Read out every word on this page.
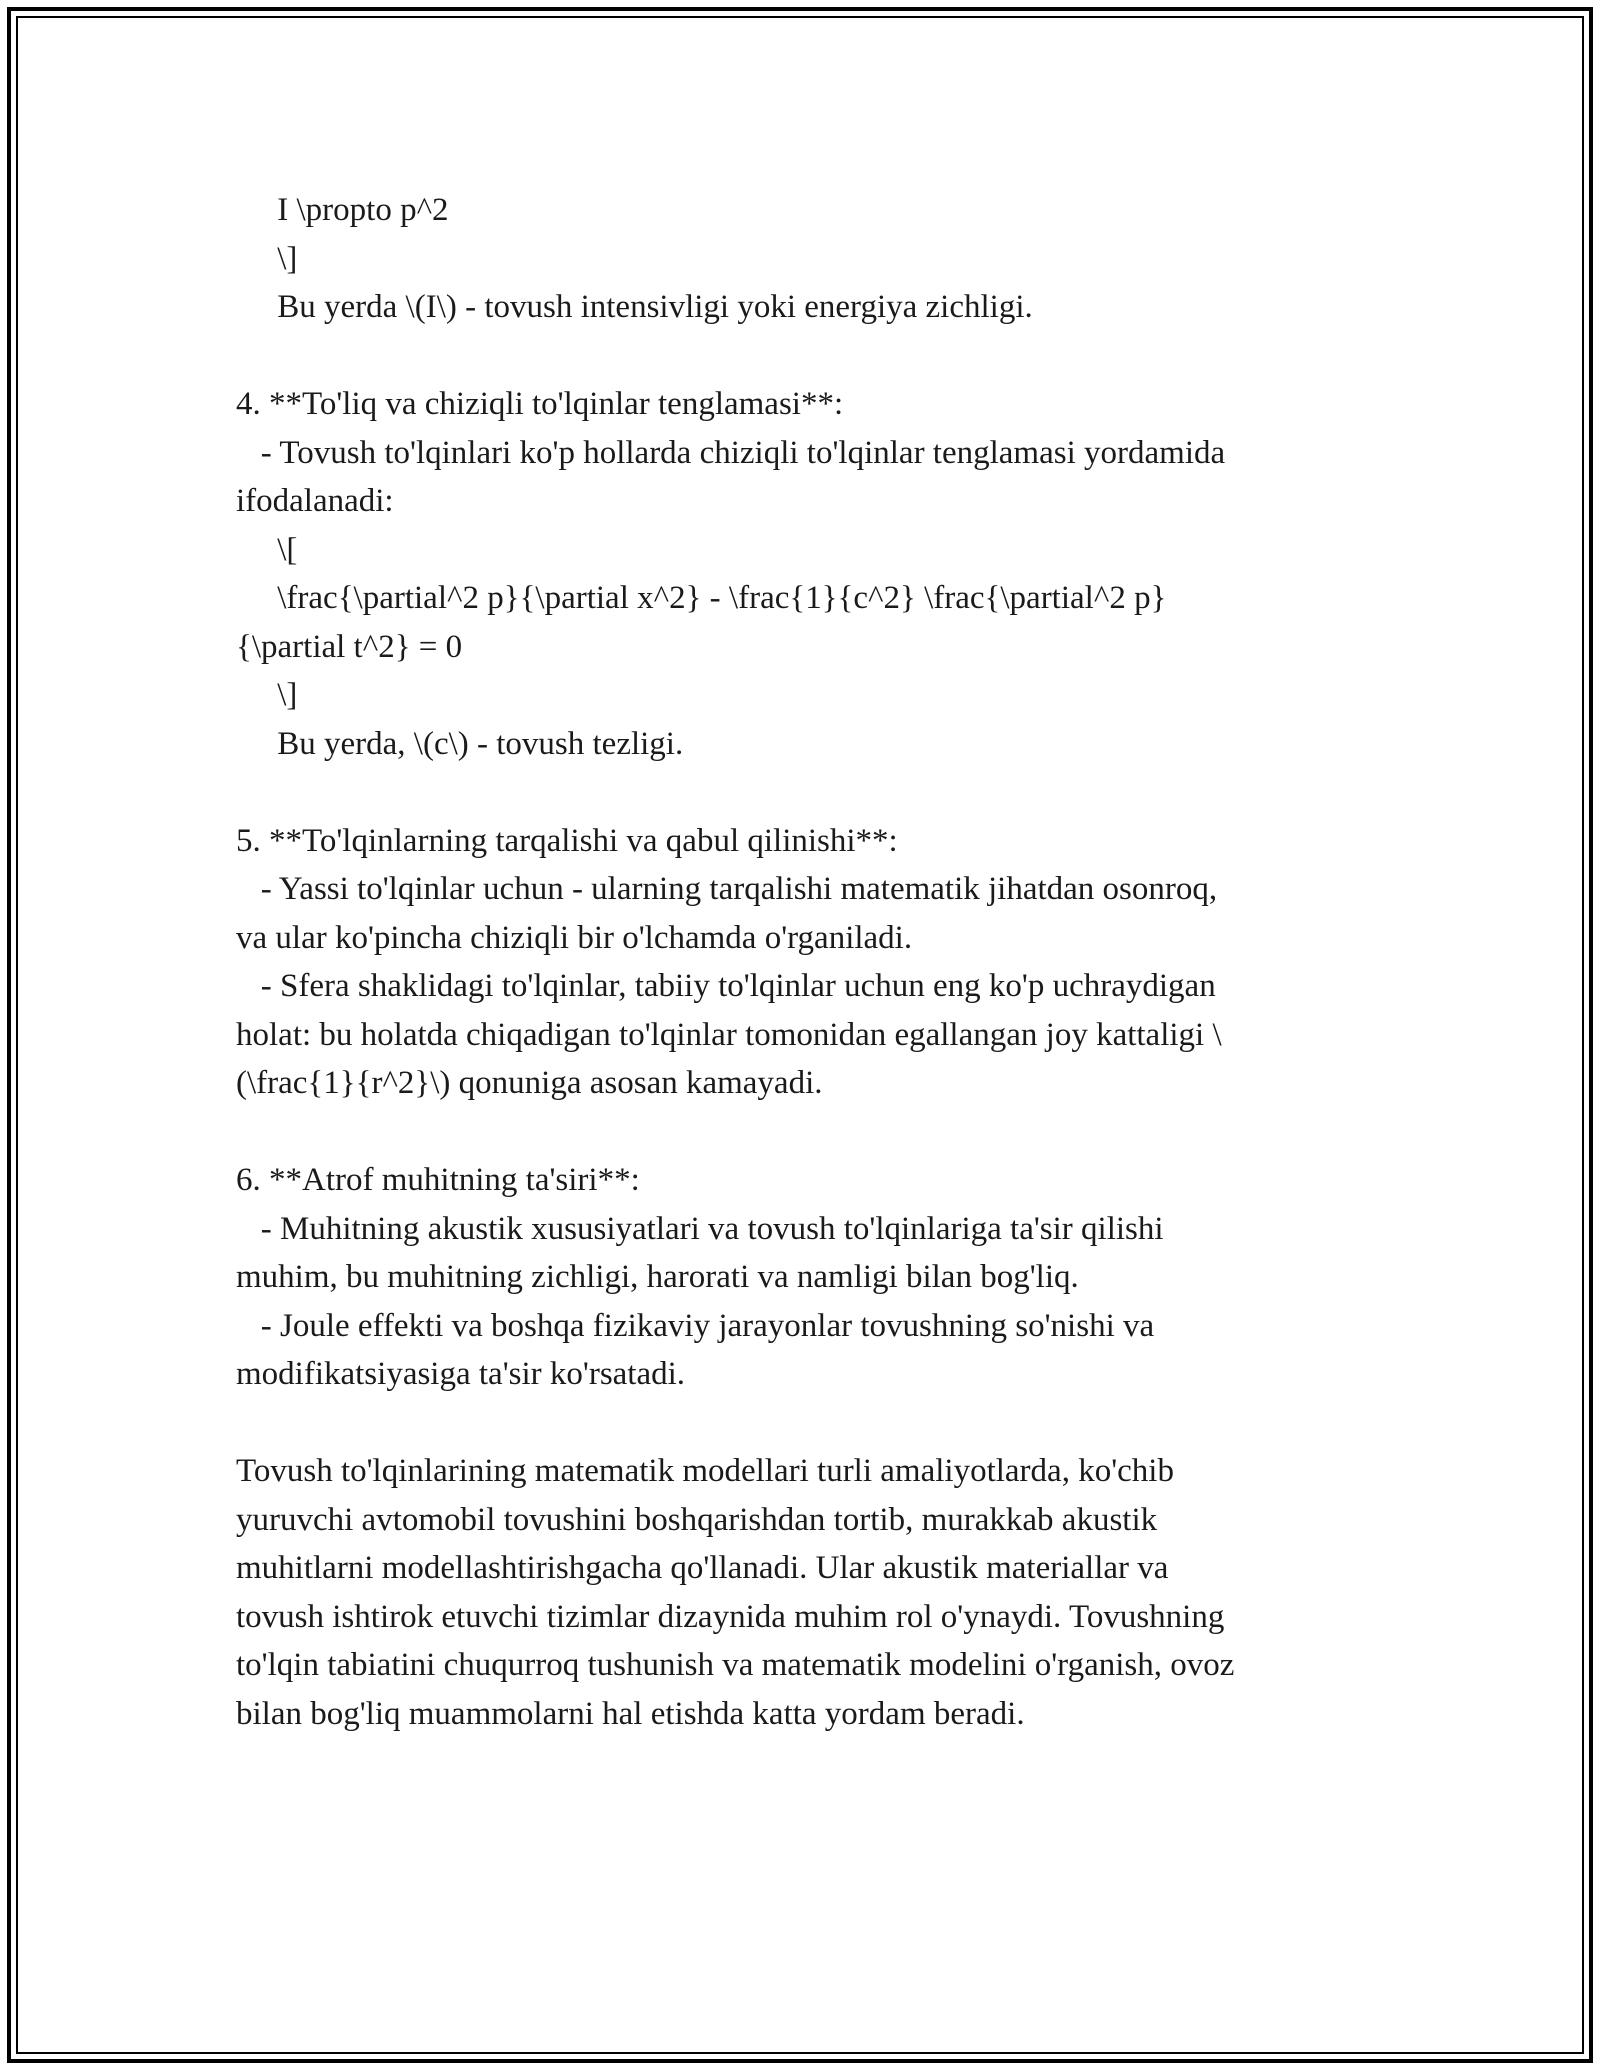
I \propto p^2
\]
Bu yerda \(I\) - tovush intensivligi yoki energiya zichligi.
4. **To'liq va chiziqli to'lqinlar tenglamasi**:
- Tovush to'lqinlari ko'p hollarda chiziqli to'lqinlar tenglamasi yordamida
ifodalanadi:
\[
\frac{\partial^2 p}{\partial x^2} - \frac{1}{c^2} \frac{\partial^2 p}
{\partial t^2} = 0
\]
Bu yerda, \(c\) - tovush tezligi.
5. **To'lqinlarning tarqalishi va qabul qilinishi**:
- Yassi to'lqinlar uchun - ularning tarqalishi matematik jihatdan osonroq,
va ular ko'pincha chiziqli bir o'lchamda o'rganiladi.
- Sfera shaklidagi to'lqinlar, tabiiy to'lqinlar uchun eng ko'p uchraydigan
holat: bu holatda chiqadigan to'lqinlar tomonidan egallangan joy kattaligi \
(\frac{1}{r^2}\) qonuniga asosan kamayadi.
6. **Atrof muhitning ta'siri**:
- Muhitning akustik xususiyatlari va tovush to'lqinlariga ta'sir qilishi
muhim, bu muhitning zichligi, harorati va namligi bilan bog'liq.
- Joule effekti va boshqa fizikaviy jarayonlar tovushning so'nishi va
modifikatsiyasiga ta'sir ko'rsatadi.
Tovush to'lqinlarining matematik modellari turli amaliyotlarda, ko'chib
yuruvchi avtomobil tovushini boshqarishdan tortib, murakkab akustik
muhitlarni modellashtirishgacha qo'llanadi. Ular akustik materiallar va
tovush ishtirok etuvchi tizimlar dizaynida muhim rol o'ynaydi. Tovushning
to'lqin tabiatini chuqurroq tushunish va matematik modelini o'rganish, ovoz
bilan bog'liq muammolarni hal etishda katta yordam beradi.
